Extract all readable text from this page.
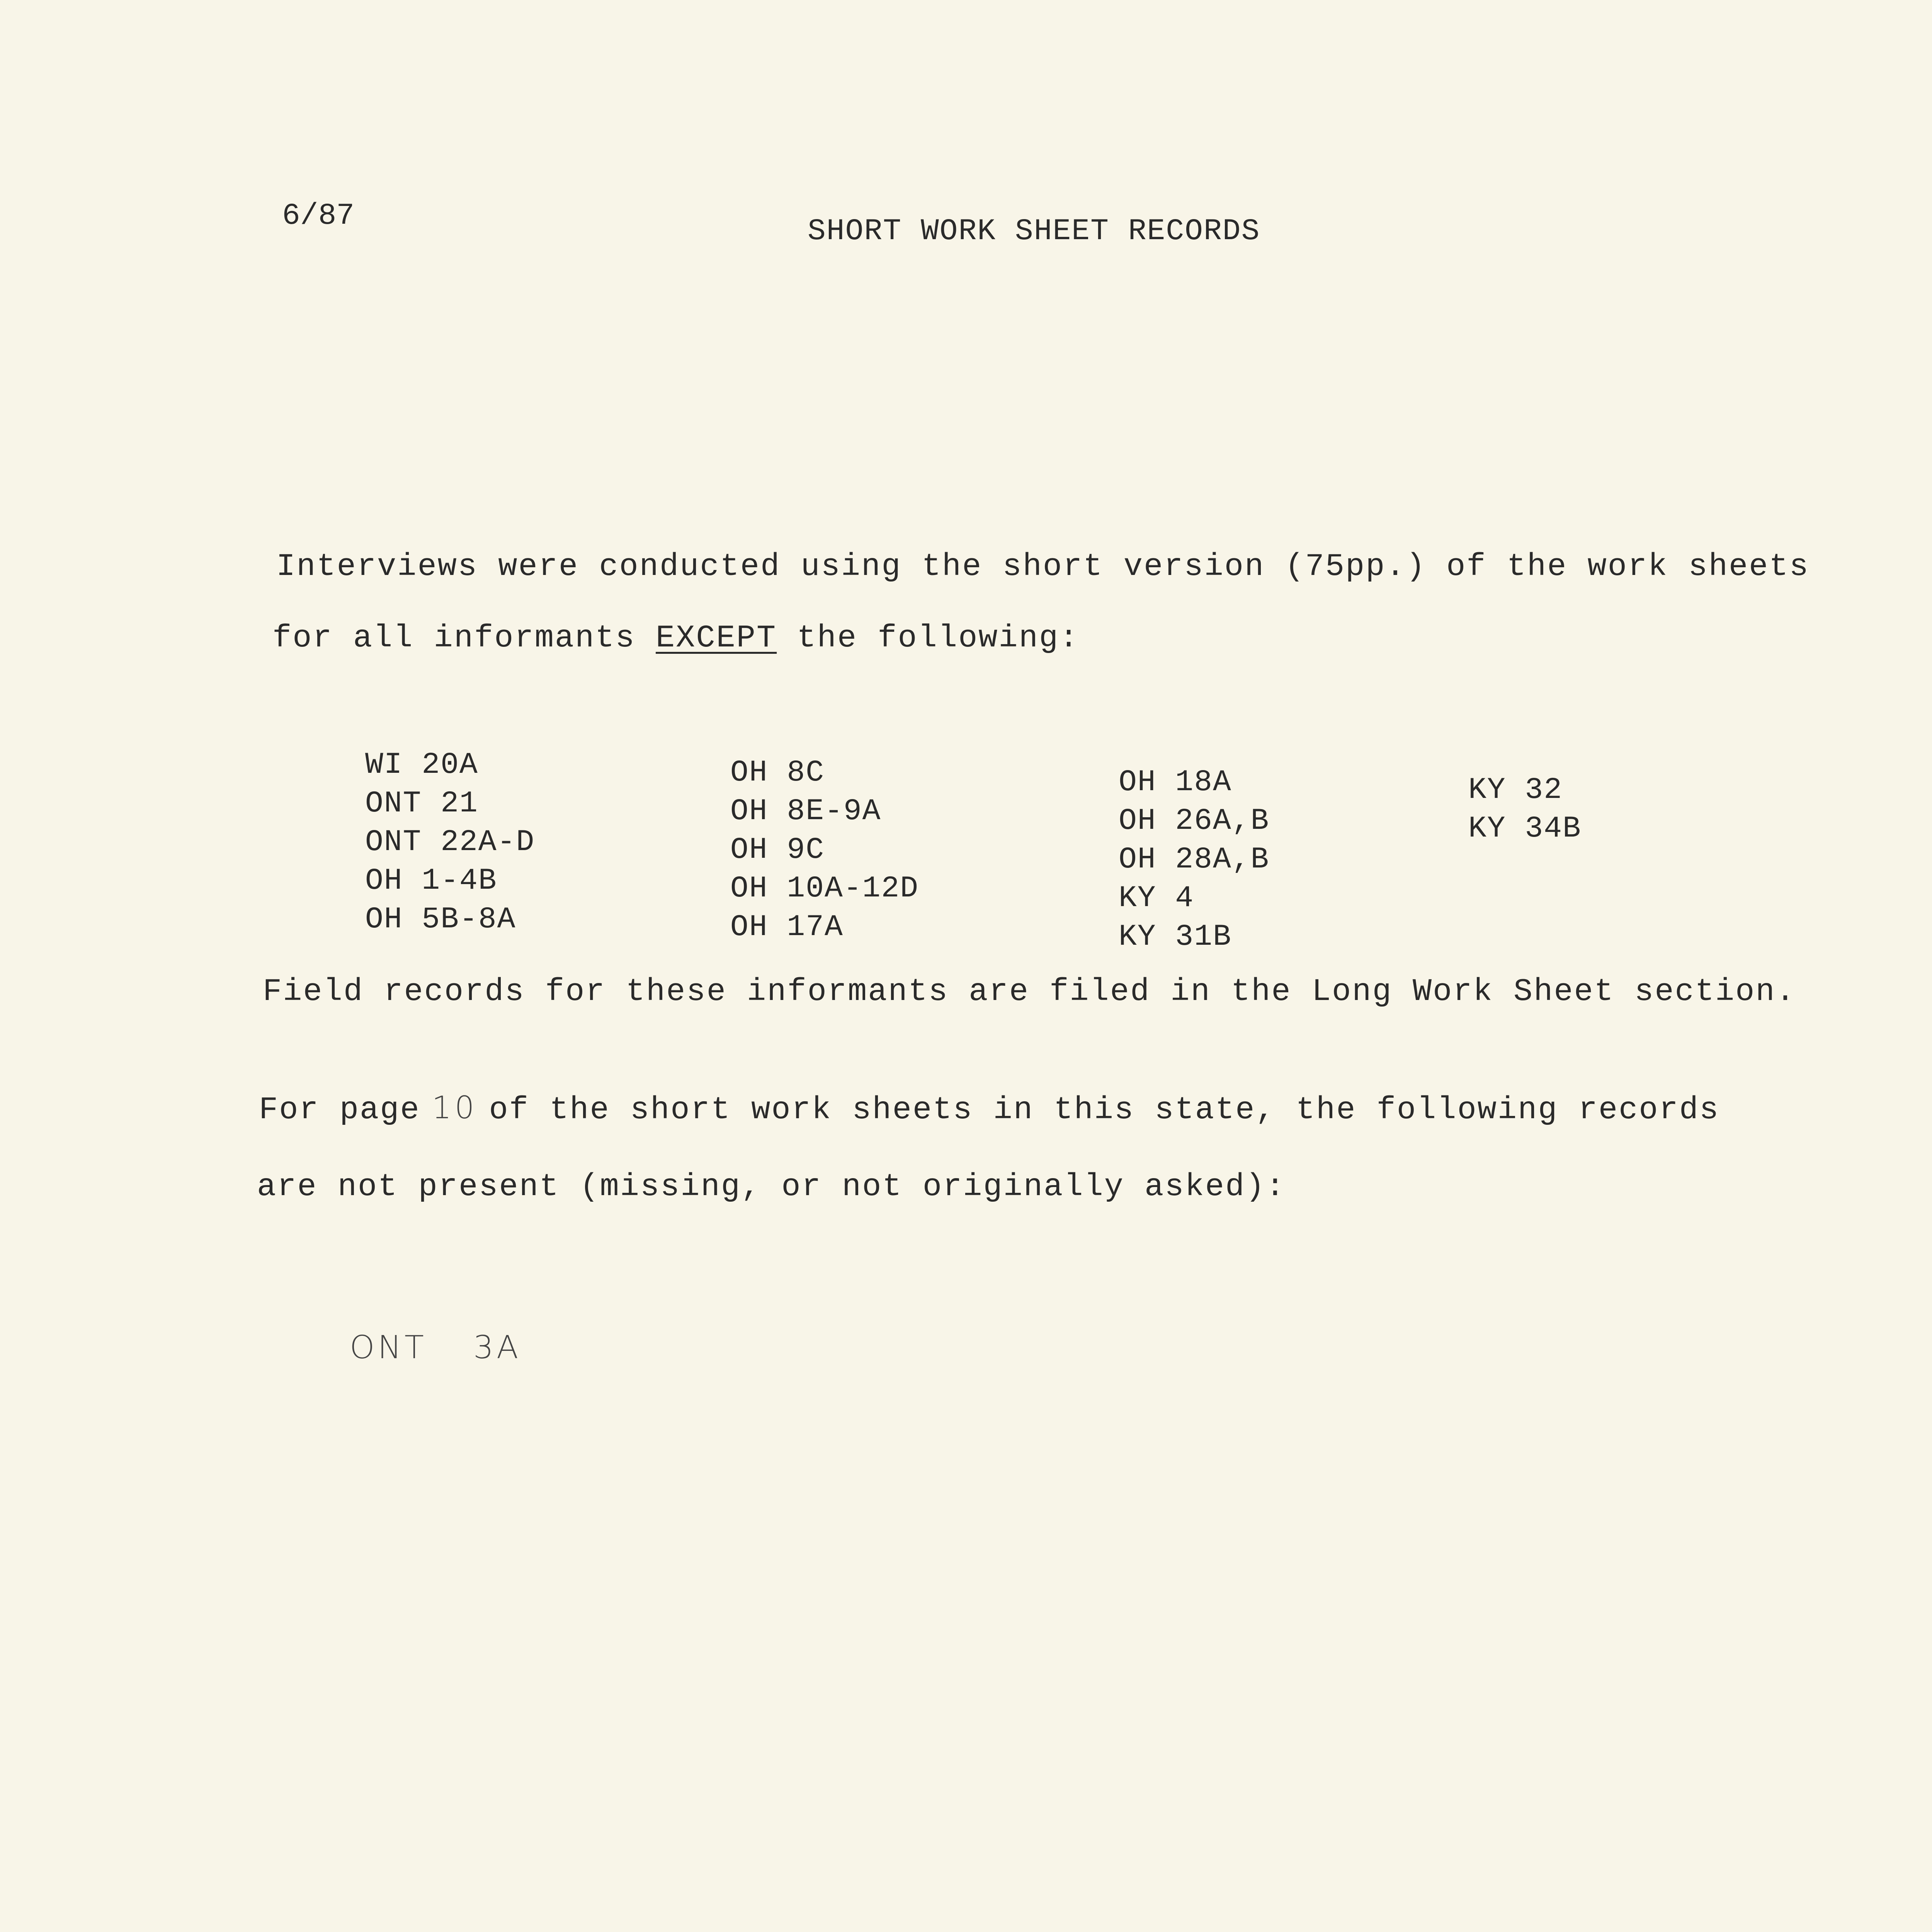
6/87	SHORT WORK SHEET RECORDS
Interviews were conducted using the short version (75pp.) of the work sheets
for all informants EXCEPT the following:
WI 20A
ONT 21
ONT 22A-D
OH 1-4B
OH 5B-8A
OH 8C
OH 8E-9A
OH 9C
OH 10A-12D
OH 17A
OH 18A
OH 26A,B
OH 28A,B
KY 4
KY 31B
KY 32
KY 34B
Field records for these informants are filed in the Long Work Sheet section.
For page 10 of the short work sheets in this state, the following records
are not present (missing, or not originally asked):
ONT 3A
